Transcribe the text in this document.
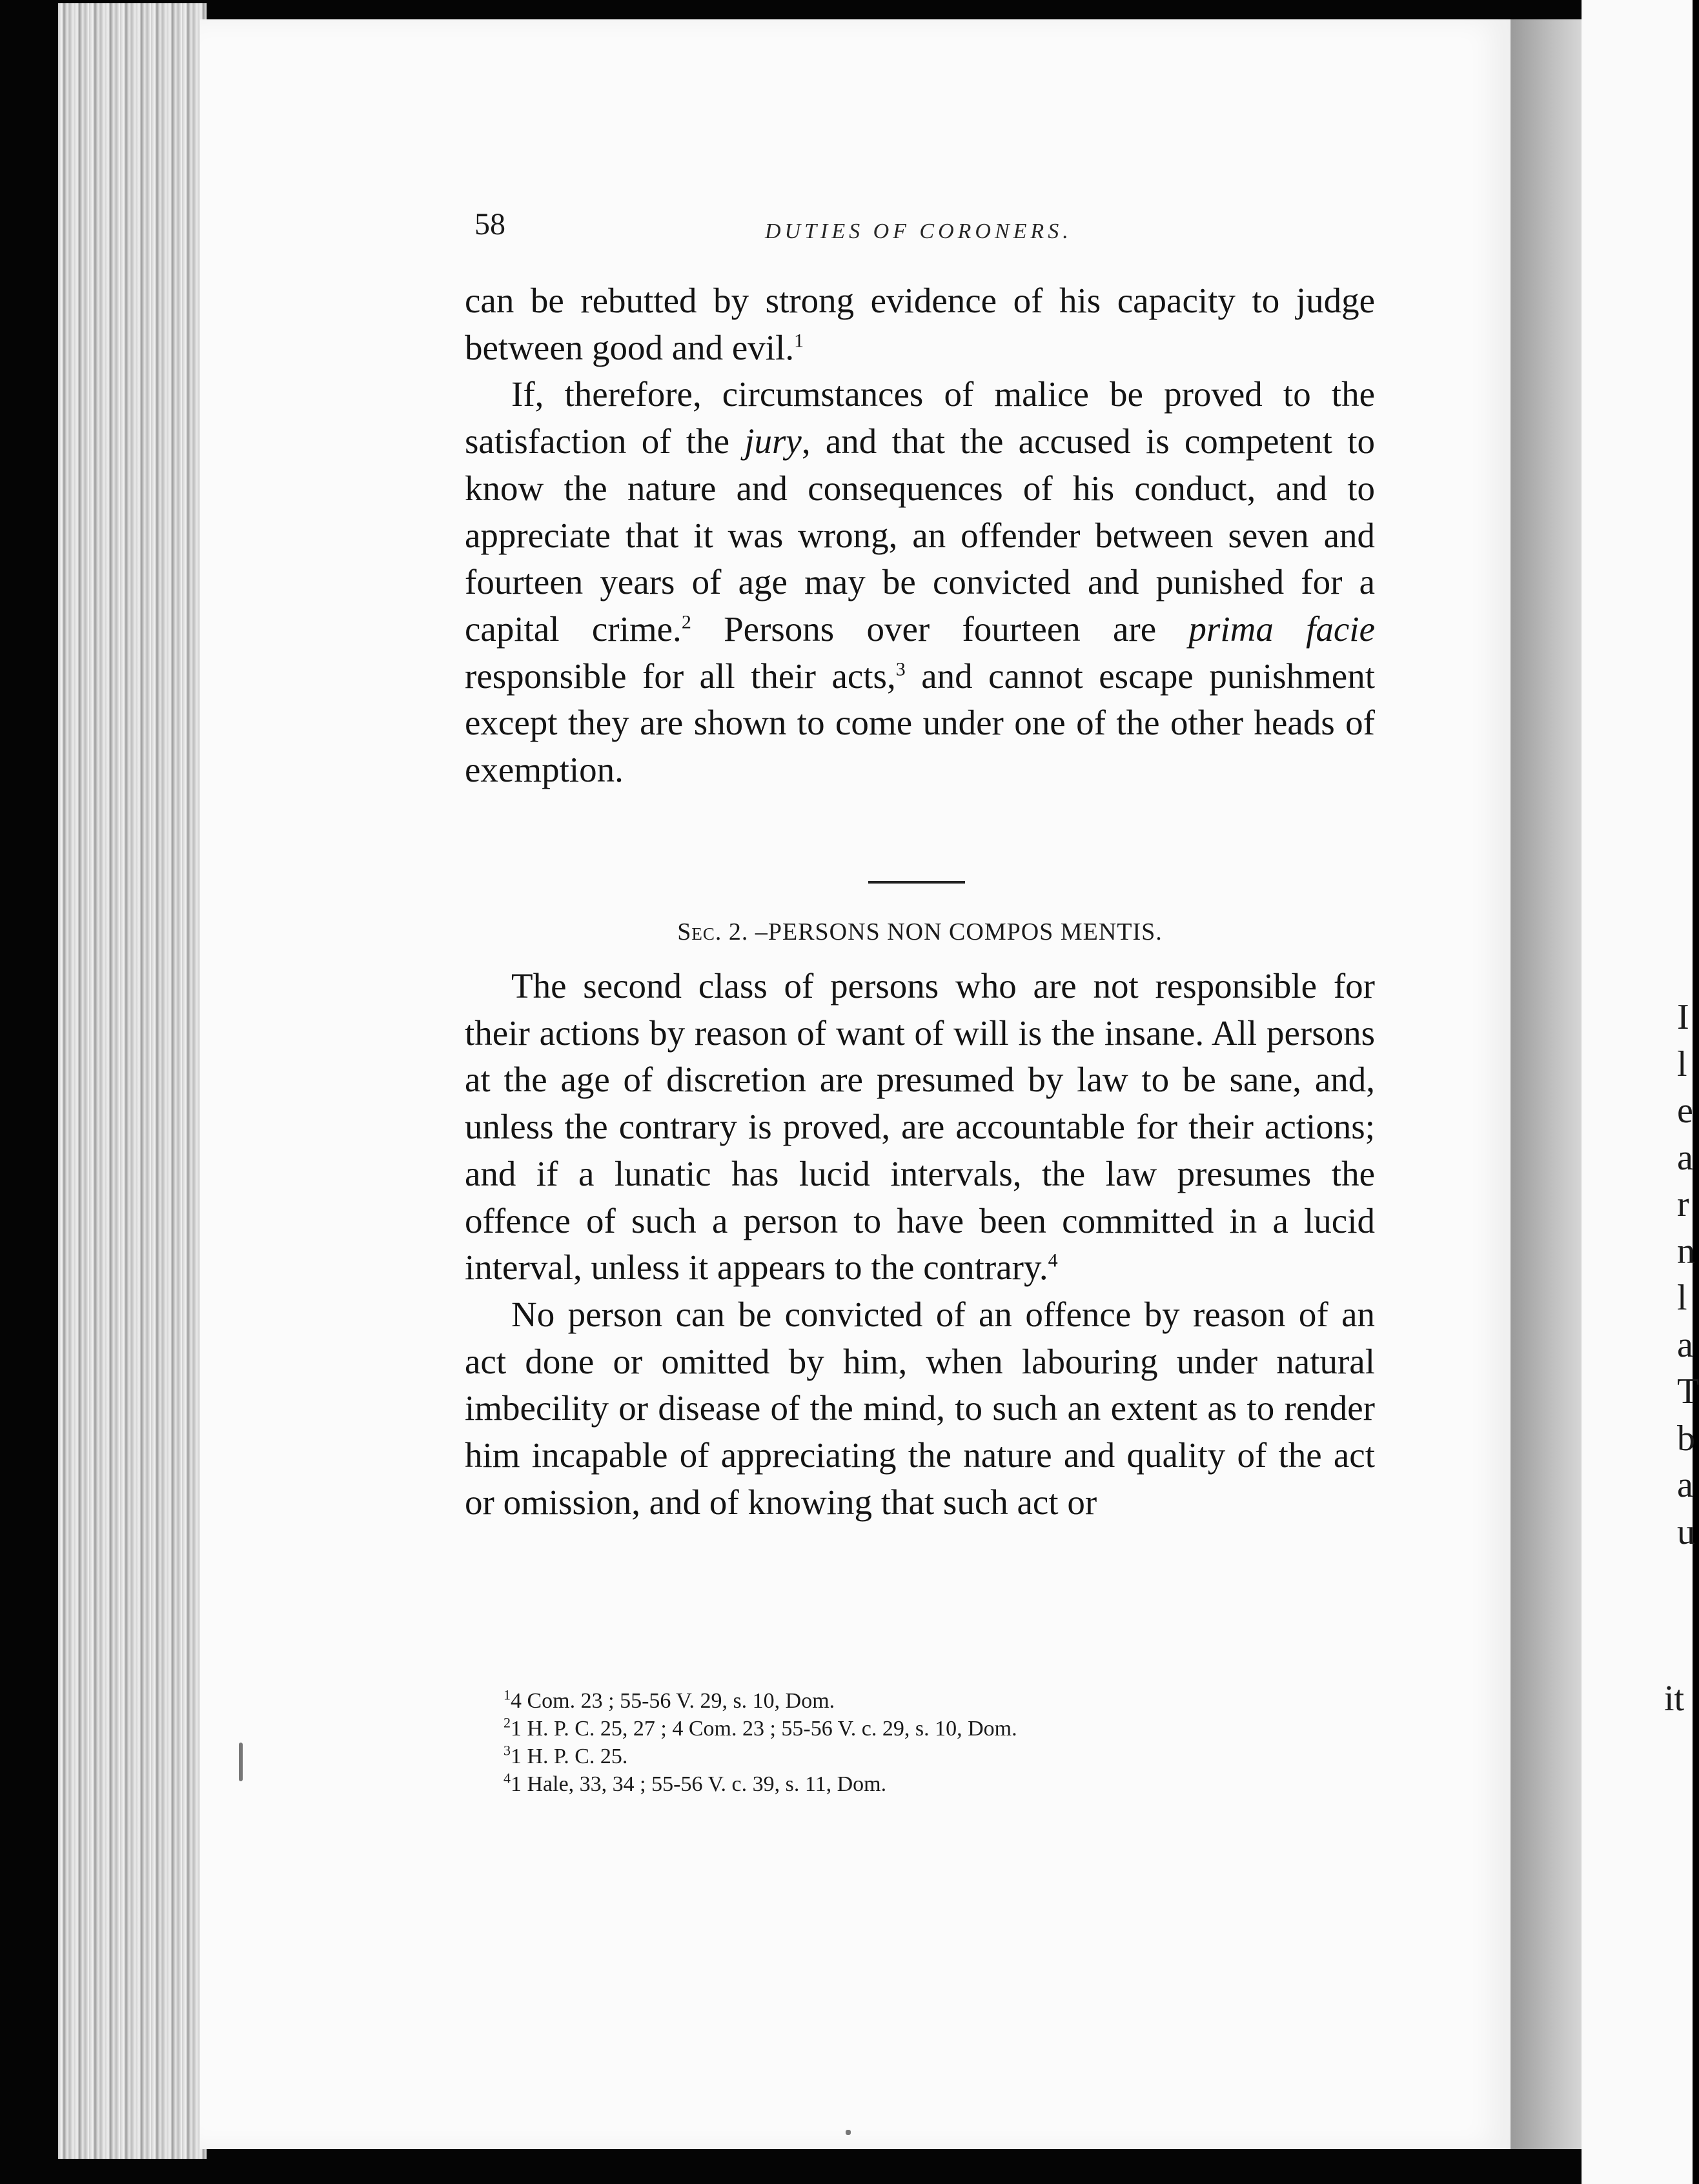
I
l
e
a
r
n
l
a
T
b
a
u
it
58	DUTIES OF CORONERS.

can be rebutted by strong evidence of his capacity to judge between good and evil.$^1$

If, therefore, circumstances of malice be proved to the satisfaction of the jury, and that the accused is competent to know the nature and consequences of his conduct, and to appreciate that it was wrong, an offender between seven and fourteen years of age may be convicted and punished for a capital crime.$^2$ Persons over fourteen are prima facie responsible for all their acts,$^3$ and cannot escape punishment except they are shown to come under one of the other heads of exemption.

Sec. 2. –PERSONS NON COMPOS MENTIS.

The second class of persons who are not responsible for their actions by reason of want of will is the insane. All persons at the age of discretion are presumed by law to be sane, and, unless the contrary is proved, are accountable for their actions; and if a lunatic has lucid intervals, the law presumes the offence of such a person to have been committed in a lucid interval, unless it appears to the contrary.$^4$

No person can be convicted of an offence by reason of an act done or omitted by him, when labouring under natural imbecility or disease of the mind, to such an extent as to render him incapable of appreciating the nature and quality of the act or omission, and of knowing that such act or

$^1$4 Com. 23 ; 55-56 V. 29, s. 10, Dom.
$^2$1 H. P. C. 25, 27 ; 4 Com. 23 ; 55-56 V. c. 29, s. 10, Dom.
$^3$1 H. P. C. 25.
$^4$1 Hale, 33, 34 ; 55-56 V. c. 39, s. 11, Dom.
